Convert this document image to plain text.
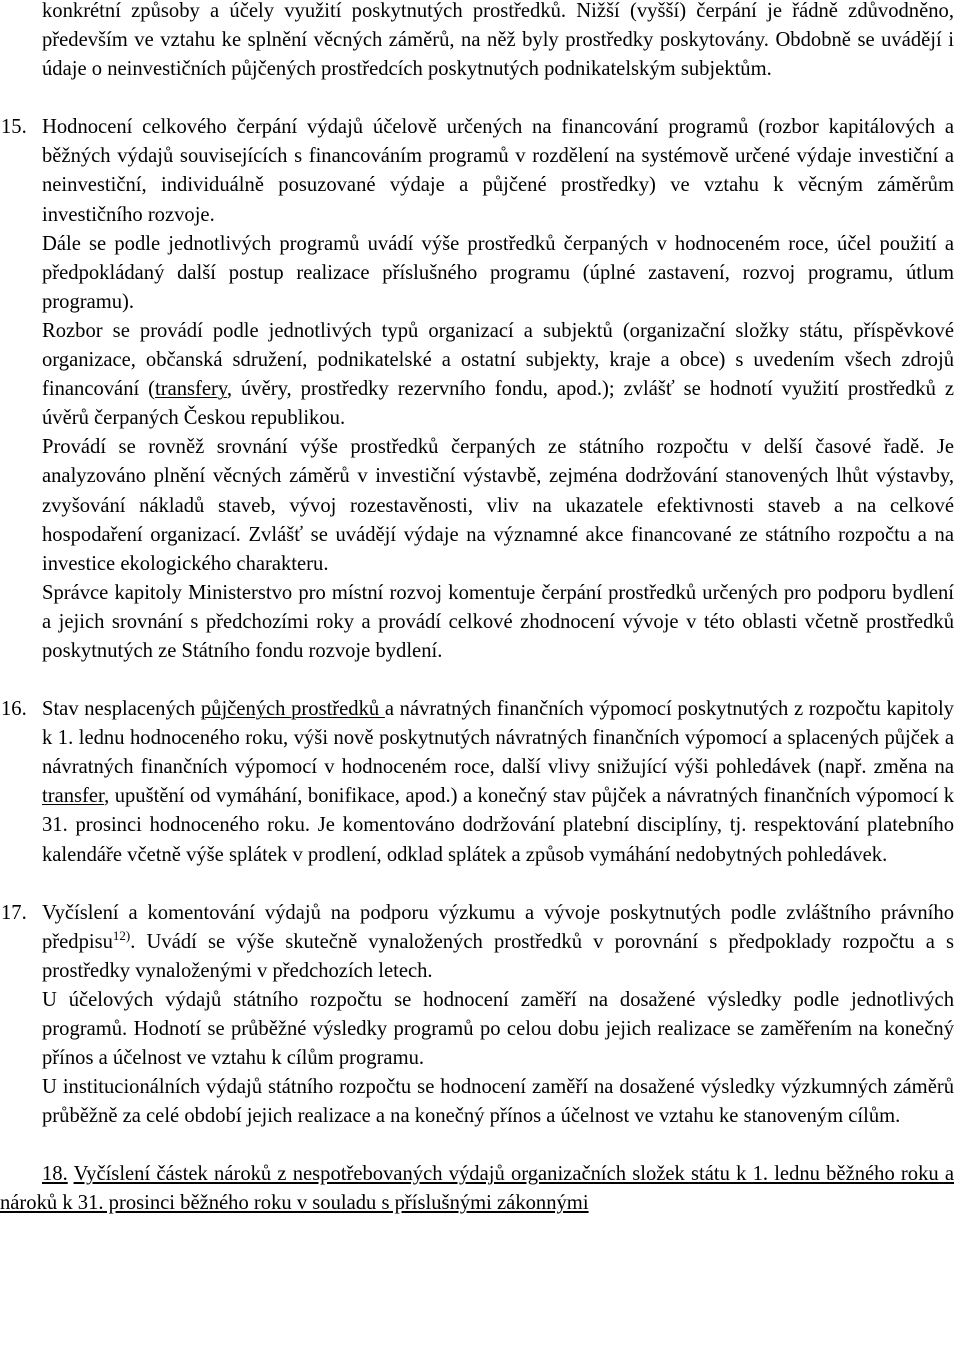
konkrétní způsoby a účely využití poskytnutých prostředků. Nižší (vyšší) čerpání je řádně zdůvodněno, především ve vztahu ke splnění věcných záměrů, na něž byly prostředky poskytovány. Obdobně se uvádějí i údaje o neinvestičních půjčených prostředcích poskytnutých podnikatelským subjektům.

15. Hodnocení celkového čerpání výdajů účelově určených na financování programů (rozbor kapitálových a běžných výdajů souvisejících s financováním programů v rozdělení na systémově určené výdaje investiční a neinvestiční, individuálně posuzované výdaje a půjčené prostředky) ve vztahu k věcným záměrům investičního rozvoje.

Dále se podle jednotlivých programů uvádí výše prostředků čerpaných v hodnoceném roce, účel použití a předpokládaný další postup realizace příslušného programu (úplné zastavení, rozvoj programu, útlum programu).

Rozbor se provádí podle jednotlivých typů organizací a subjektů (organizační složky státu, příspěvkové organizace, občanská sdružení, podnikatelské a ostatní subjekty, kraje a obce) s uvedením všech zdrojů financování (transfery, úvěry, prostředky rezervního fondu, apod.); zvlášť se hodnotí využití prostředků z úvěrů čerpaných Českou republikou.

Provádí se rovněž srovnání výše prostředků čerpaných ze státního rozpočtu v delší časové řadě. Je analyzováno plnění věcných záměrů v investiční výstavbě, zejména dodržování stanovených lhůt výstavby, zvyšování nákladů staveb, vývoj rozestavěnosti, vliv na ukazatele efektivnosti staveb a na celkové hospodaření organizací. Zvlášť se uvádějí výdaje na významné akce financované ze státního rozpočtu a na investice ekologického charakteru.

Správce kapitoly Ministerstvo pro místní rozvoj komentuje čerpání prostředků určených pro podporu bydlení a jejich srovnání s předchozími roky a provádí celkové zhodnocení vývoje v této oblasti včetně prostředků poskytnutých ze Státního fondu rozvoje bydlení.

16. Stav nesplacených půjčených prostředků a návratných finančních výpomocí poskytnutých z rozpočtu kapitoly k 1. lednu hodnoceného roku, výši nově poskytnutých návratných finančních výpomocí a splacených půjček a návratných finančních výpomocí v hodnoceném roce, další vlivy snižující výši pohledávek (např. změna na transfer, upuštění od vymáhání, bonifikace, apod.) a konečný stav půjček a návratných finančních výpomocí k 31. prosinci hodnoceného roku. Je komentováno dodržování platební disciplíny, tj. respektování platebního kalendáře včetně výše splátek v prodlení, odklad splátek a způsob vymáhání nedobytných pohledávek.

17. Vyčíslení a komentování výdajů na podporu výzkumu a vývoje poskytnutých podle zvláštního právního předpisu$^{12)}$. Uvádí se výše skutečně vynaložených prostředků v porovnání s předpoklady rozpočtu a s prostředky vynaloženými v předchozích letech.

U účelových výdajů státního rozpočtu se hodnocení zaměří na dosažené výsledky podle jednotlivých programů. Hodnotí se průběžné výsledky programů po celou dobu jejich realizace se zaměřením na konečný přínos a účelnost ve vztahu k cílům programu.

U institucionálních výdajů státního rozpočtu se hodnocení zaměří na dosažené výsledky výzkumných záměrů průběžně za celé období jejich realizace a na konečný přínos a účelnost ve vztahu ke stanoveným cílům.

18. Vyčíslení částek nároků z nespotřebovaných výdajů organizačních složek státu k 1. lednu běžného roku a nároků k 31. prosinci běžného roku v souladu s příslušnými zákonnými
